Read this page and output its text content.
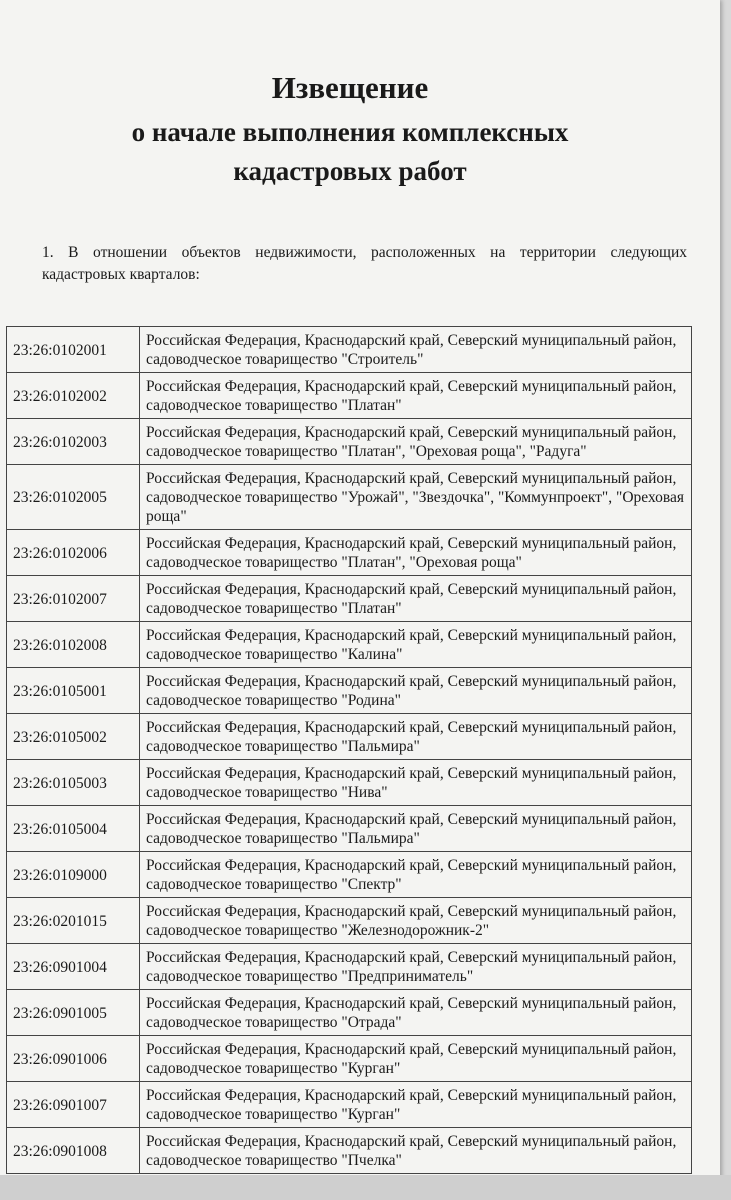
Извещение
о начале выполнения комплексных
кадастровых работ
1. В отношении объектов недвижимости, расположенных на территории следующих кадастровых кварталов:
23:26:0102001	Российская Федерация, Краснодарский край, Северский муниципальный район, садоводческое товарищество "Строитель"
23:26:0102002	Российская Федерация, Краснодарский край, Северский муниципальный район, садоводческое товарищество "Платан"
23:26:0102003	Российская Федерация, Краснодарский край, Северский муниципальный район, садоводческое товарищество "Платан", "Ореховая роща", "Радуга"
23:26:0102005	Российская Федерация, Краснодарский край, Северский муниципальный район, садоводческое товарищество "Урожай", "Звездочка", "Коммунпроект", "Ореховая роща"
23:26:0102006	Российская Федерация, Краснодарский край, Северский муниципальный район, садоводческое товарищество "Платан", "Ореховая роща"
23:26:0102007	Российская Федерация, Краснодарский край, Северский муниципальный район, садоводческое товарищество "Платан"
23:26:0102008	Российская Федерация, Краснодарский край, Северский муниципальный район, садоводческое товарищество "Калина"
23:26:0105001	Российская Федерация, Краснодарский край, Северский муниципальный район, садоводческое товарищество "Родина"
23:26:0105002	Российская Федерация, Краснодарский край, Северский муниципальный район, садоводческое товарищество "Пальмира"
23:26:0105003	Российская Федерация, Краснодарский край, Северский муниципальный район, садоводческое товарищество "Нива"
23:26:0105004	Российская Федерация, Краснодарский край, Северский муниципальный район, садоводческое товарищество "Пальмира"
23:26:0109000	Российская Федерация, Краснодарский край, Северский муниципальный район, садоводческое товарищество "Спектр"
23:26:0201015	Российская Федерация, Краснодарский край, Северский муниципальный район, садоводческое товарищество "Железнодорожник-2"
23:26:0901004	Российская Федерация, Краснодарский край, Северский муниципальный район, садоводческое товарищество "Предприниматель"
23:26:0901005	Российская Федерация, Краснодарский край, Северский муниципальный район, садоводческое товарищество "Отрада"
23:26:0901006	Российская Федерация, Краснодарский край, Северский муниципальный район, садоводческое товарищество "Курган"
23:26:0901007	Российская Федерация, Краснодарский край, Северский муниципальный район, садоводческое товарищество "Курган"
23:26:0901008	Российская Федерация, Краснодарский край, Северский муниципальный район, садоводческое товарищество "Пчелка"
